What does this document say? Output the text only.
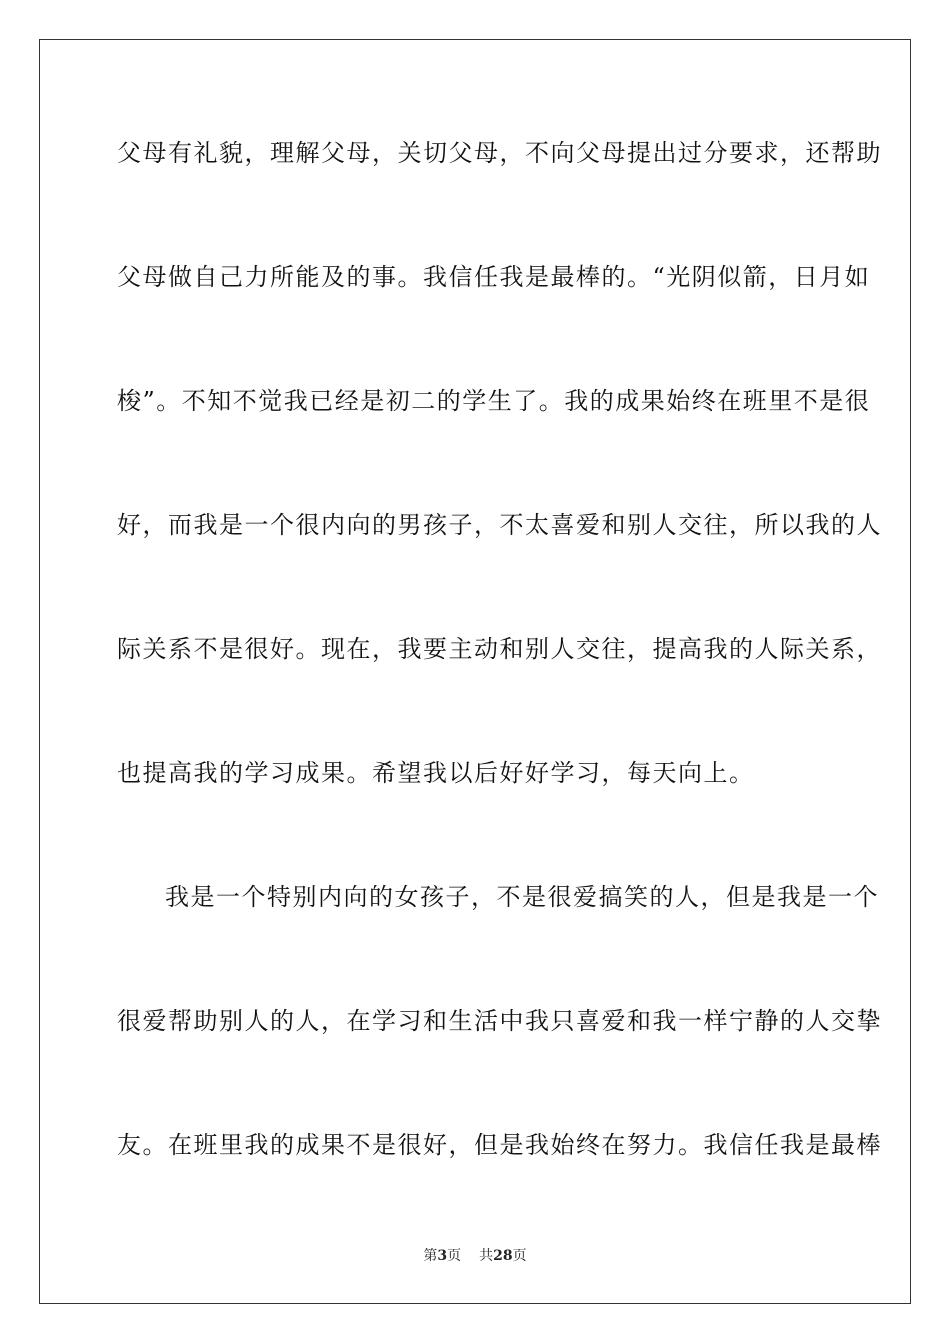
父母有礼貌，理解父母，关切父母，不向父母提出过分要求，还帮助
父母做自己力所能及的事。我信任我是最棒的。“光阴似箭，日月如
梭”。不知不觉我已经是初二的学生了。我的成果始终在班里不是很
好，而我是一个很内向的男孩子，不太喜爱和别人交往，所以我的人
际关系不是很好。现在，我要主动和别人交往，提高我的人际关系，
也提高我的学习成果。希望我以后好好学习，每天向上。
我是一个特别内向的女孩子，不是很爱搞笑的人，但是我是一个
很爱帮助别人的人，在学习和生活中我只喜爱和我一样宁静的人交挚
友。在班里我的成果不是很好，但是我始终在努力。我信任我是最棒
第3页 共28页
